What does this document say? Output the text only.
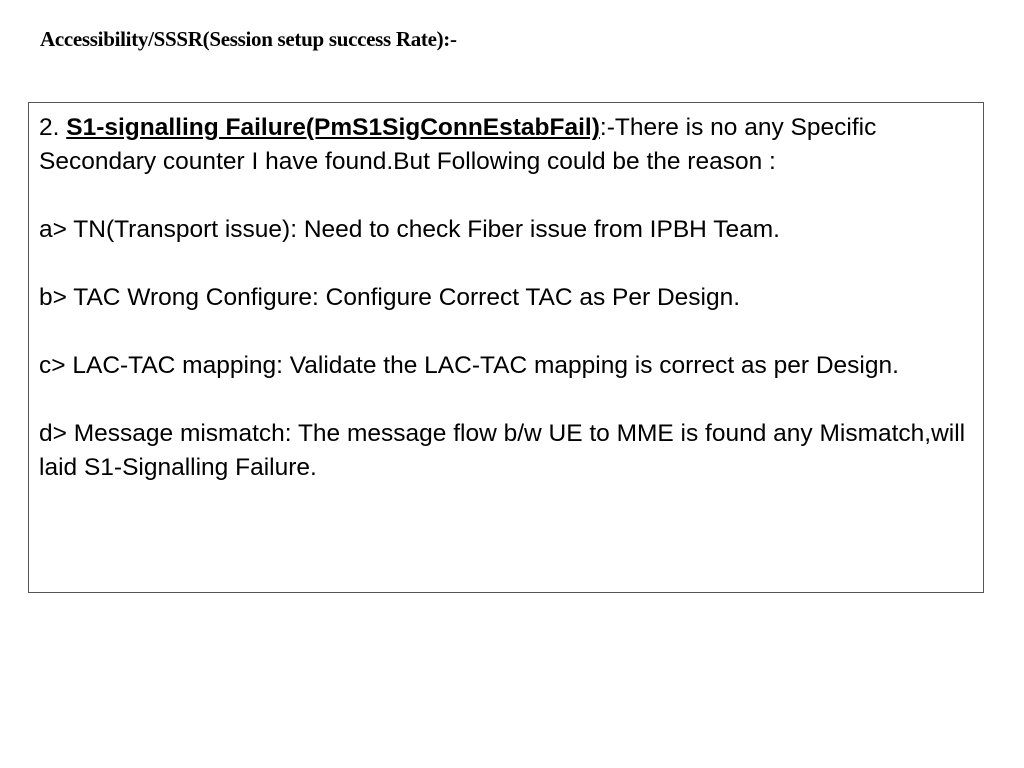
Accessibility/SSSR(Session setup success Rate):-

2. S1-signalling Failure(PmS1SigConnEstabFail):-There is no any Specific Secondary counter I have found.But Following could be the reason :

a> TN(Transport issue): Need to check Fiber issue from IPBH Team.

b> TAC Wrong Configure: Configure Correct TAC as Per Design.

c> LAC-TAC mapping: Validate the LAC-TAC mapping is correct as per Design.

d> Message mismatch: The message flow b/w UE to MME is found any Mismatch,will laid S1-Signalling Failure.
